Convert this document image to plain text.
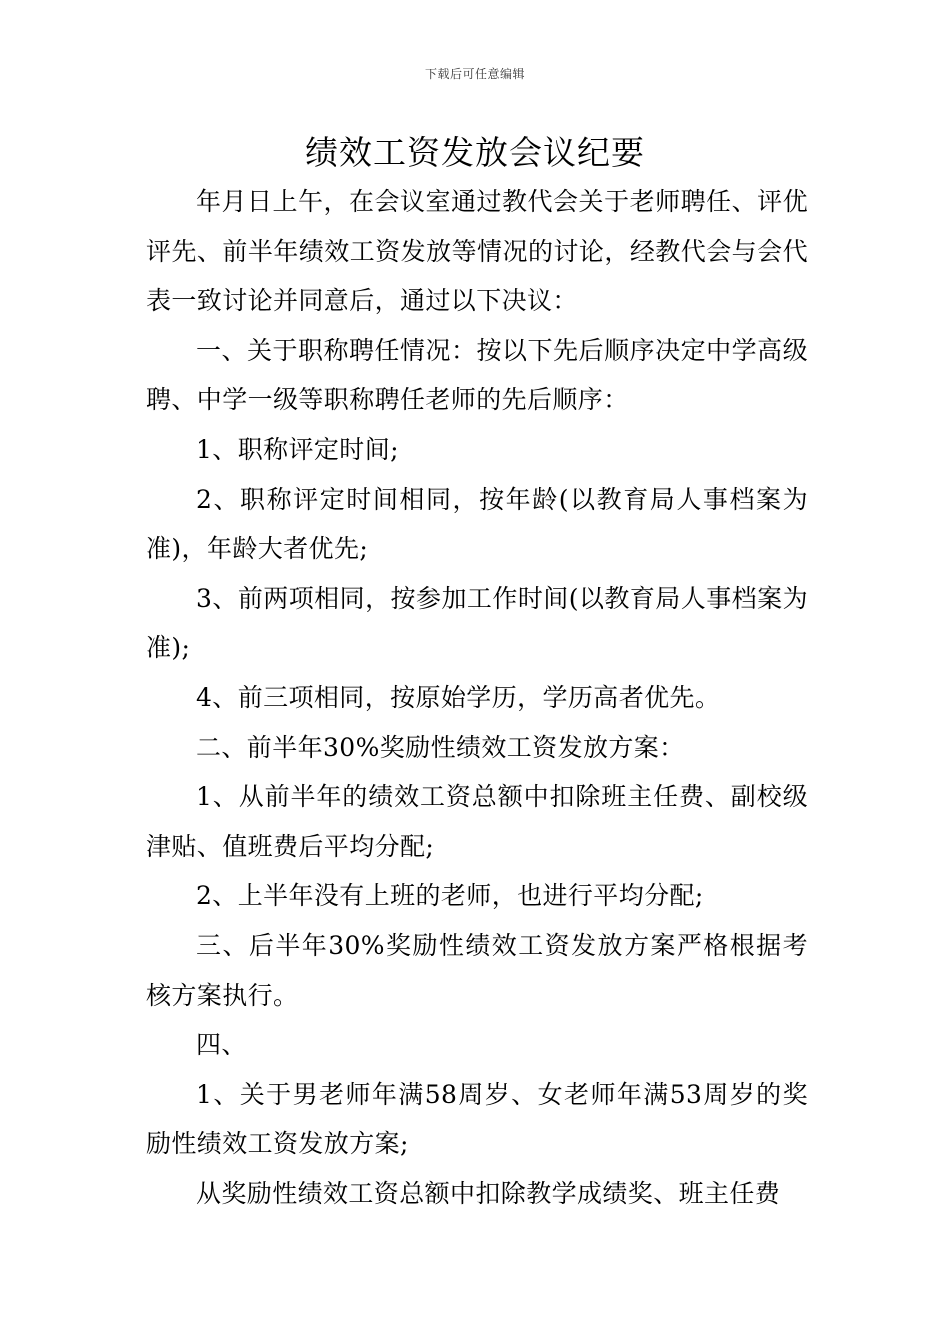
下载后可任意编辑
绩效工资发放会议纪要

年月日上午，在会议室通过教代会关于老师聘任、评优评先、前半年绩效工资发放等情况的讨论，经教代会与会代表一致讨论并同意后，通过以下决议：

一、关于职称聘任情况：按以下先后顺序决定中学高级聘、中学一级等职称聘任老师的先后顺序：

1、职称评定时间;

2、职称评定时间相同，按年龄(以教育局人事档案为准)，年龄大者优先;

3、前两项相同，按参加工作时间(以教育局人事档案为准);

4、前三项相同，按原始学历，学历高者优先。

二、前半年30%奖励性绩效工资发放方案：

1、从前半年的绩效工资总额中扣除班主任费、副校级津贴、值班费后平均分配;

2、上半年没有上班的老师，也进行平均分配;

三、后半年30%奖励性绩效工资发放方案严格根据考核方案执行。

四、

1、关于男老师年满58周岁、女老师年满53周岁的奖励性绩效工资发放方案;

从奖励性绩效工资总额中扣除教学成绩奖、班主任费
